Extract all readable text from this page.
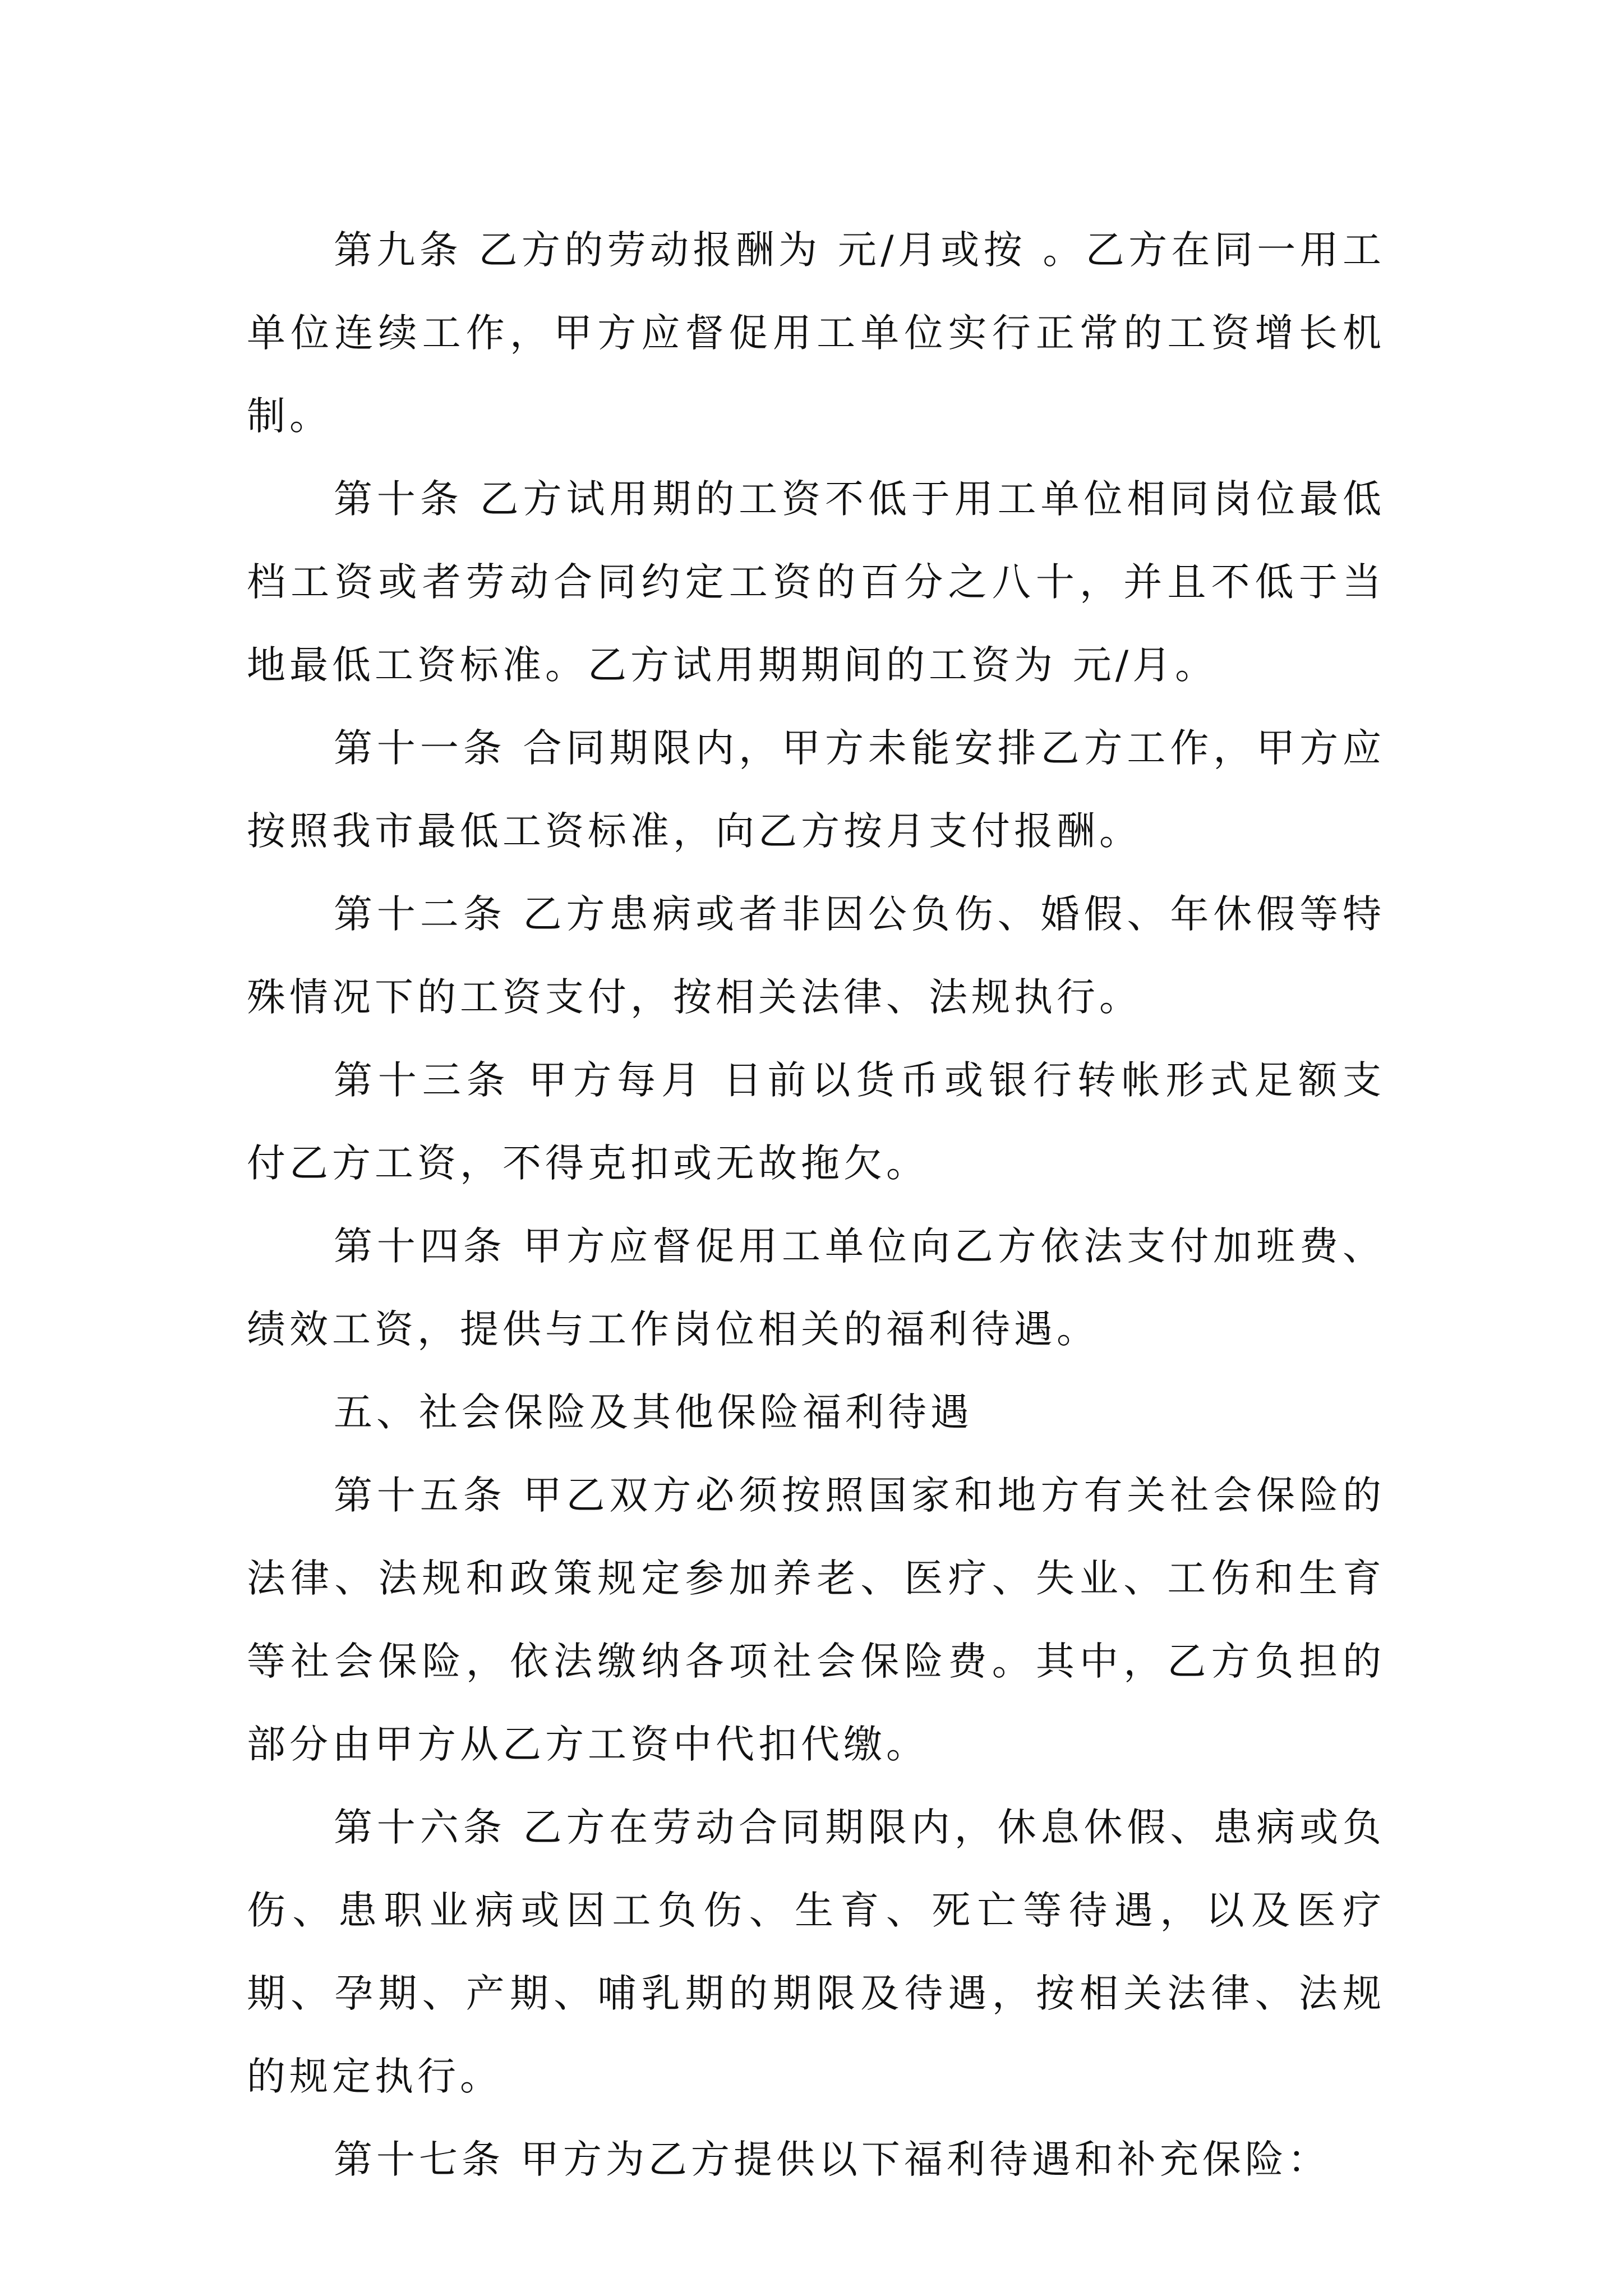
第九条 乙方的劳动报酬为 元/月或按 。乙方在同一用工单位连续工作，甲方应督促用工单位实行正常的工资增长机制。

第十条 乙方试用期的工资不低于用工单位相同岗位最低档工资或者劳动合同约定工资的百分之八十，并且不低于当地最低工资标准。乙方试用期期间的工资为 元/月。

第十一条 合同期限内，甲方未能安排乙方工作，甲方应按照我市最低工资标准，向乙方按月支付报酬。

第十二条 乙方患病或者非因公负伤、婚假、年休假等特殊情况下的工资支付，按相关法律、法规执行。

第十三条 甲方每月 日前以货币或银行转帐形式足额支付乙方工资，不得克扣或无故拖欠。

第十四条 甲方应督促用工单位向乙方依法支付加班费、绩效工资，提供与工作岗位相关的福利待遇。

五、社会保险及其他保险福利待遇

第十五条 甲乙双方必须按照国家和地方有关社会保险的法律、法规和政策规定参加养老、医疗、失业、工伤和生育等社会保险，依法缴纳各项社会保险费。其中，乙方负担的部分由甲方从乙方工资中代扣代缴。

第十六条 乙方在劳动合同期限内，休息休假、患病或负伤、患职业病或因工负伤、生育、死亡等待遇，以及医疗期、孕期、产期、哺乳期的期限及待遇，按相关法律、法规的规定执行。

第十七条 甲方为乙方提供以下福利待遇和补充保险：
